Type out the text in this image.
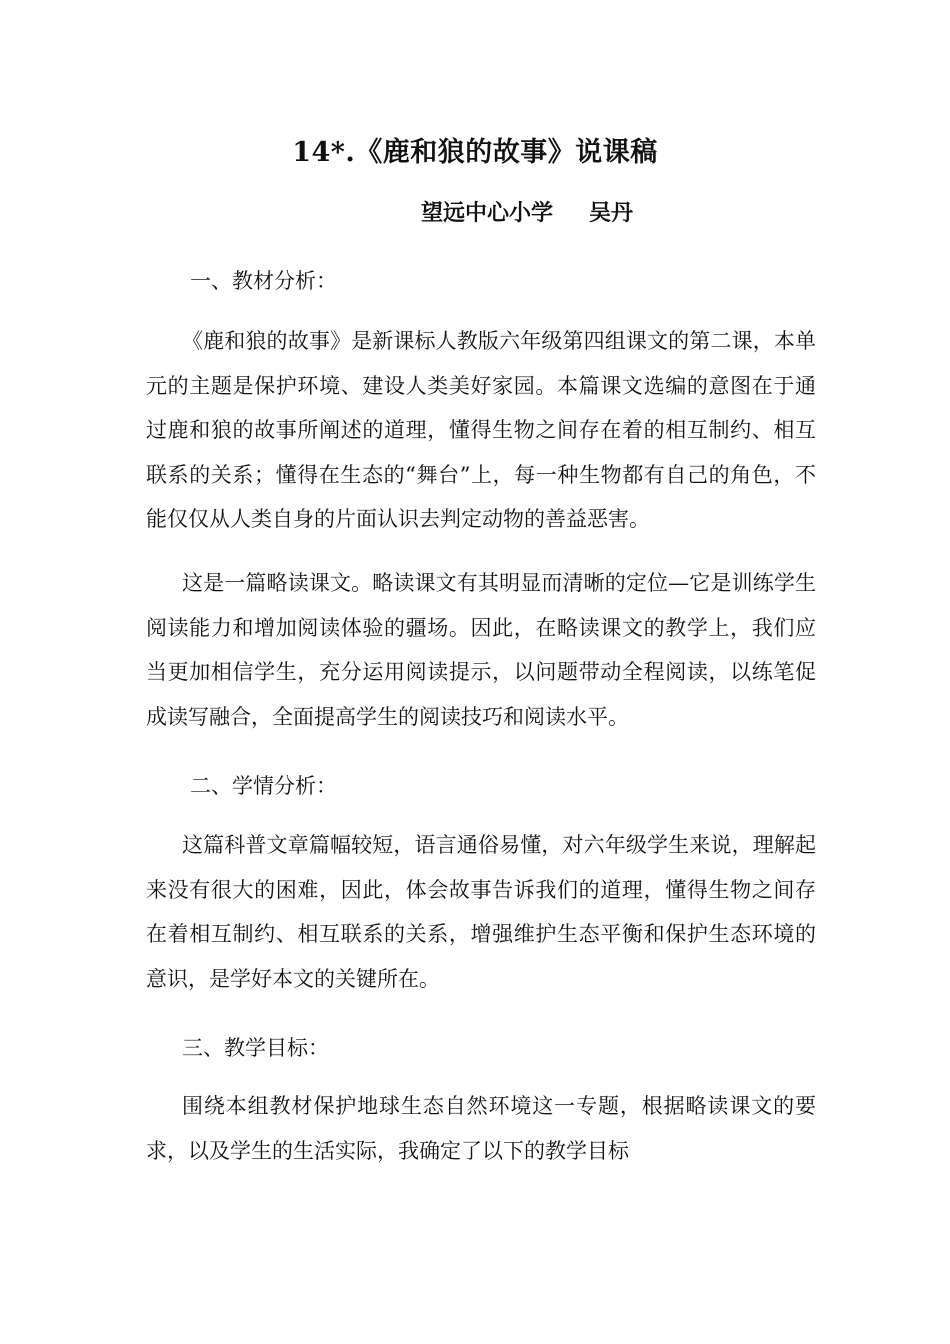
14*.《鹿和狼的故事》说课稿
望远中心小学 吴丹
一、教材分析：
《鹿和狼的故事》是新课标人教版六年级第四组课文的第二课，本单元的主题是保护环境、建设人类美好家园。本篇课文选编的意图在于通过鹿和狼的故事所阐述的道理，懂得生物之间存在着的相互制约、相互联系的关系；懂得在生态的“舞台”上，每一种生物都有自己的角色，不能仅仅从人类自身的片面认识去判定动物的善益恶害。
这是一篇略读课文。略读课文有其明显而清晰的定位—它是训练学生阅读能力和增加阅读体验的疆场。因此，在略读课文的教学上，我们应当更加相信学生，充分运用阅读提示，以问题带动全程阅读，以练笔促成读写融合，全面提高学生的阅读技巧和阅读水平。
二、学情分析：
这篇科普文章篇幅较短，语言通俗易懂，对六年级学生来说，理解起来没有很大的困难，因此，体会故事告诉我们的道理，懂得生物之间存在着相互制约、相互联系的关系，增强维护生态平衡和保护生态环境的意识，是学好本文的关键所在。
三、教学目标：
围绕本组教材保护地球生态自然环境这一专题，根据略读课文的要求，以及学生的生活实际，我确定了以下的教学目标
